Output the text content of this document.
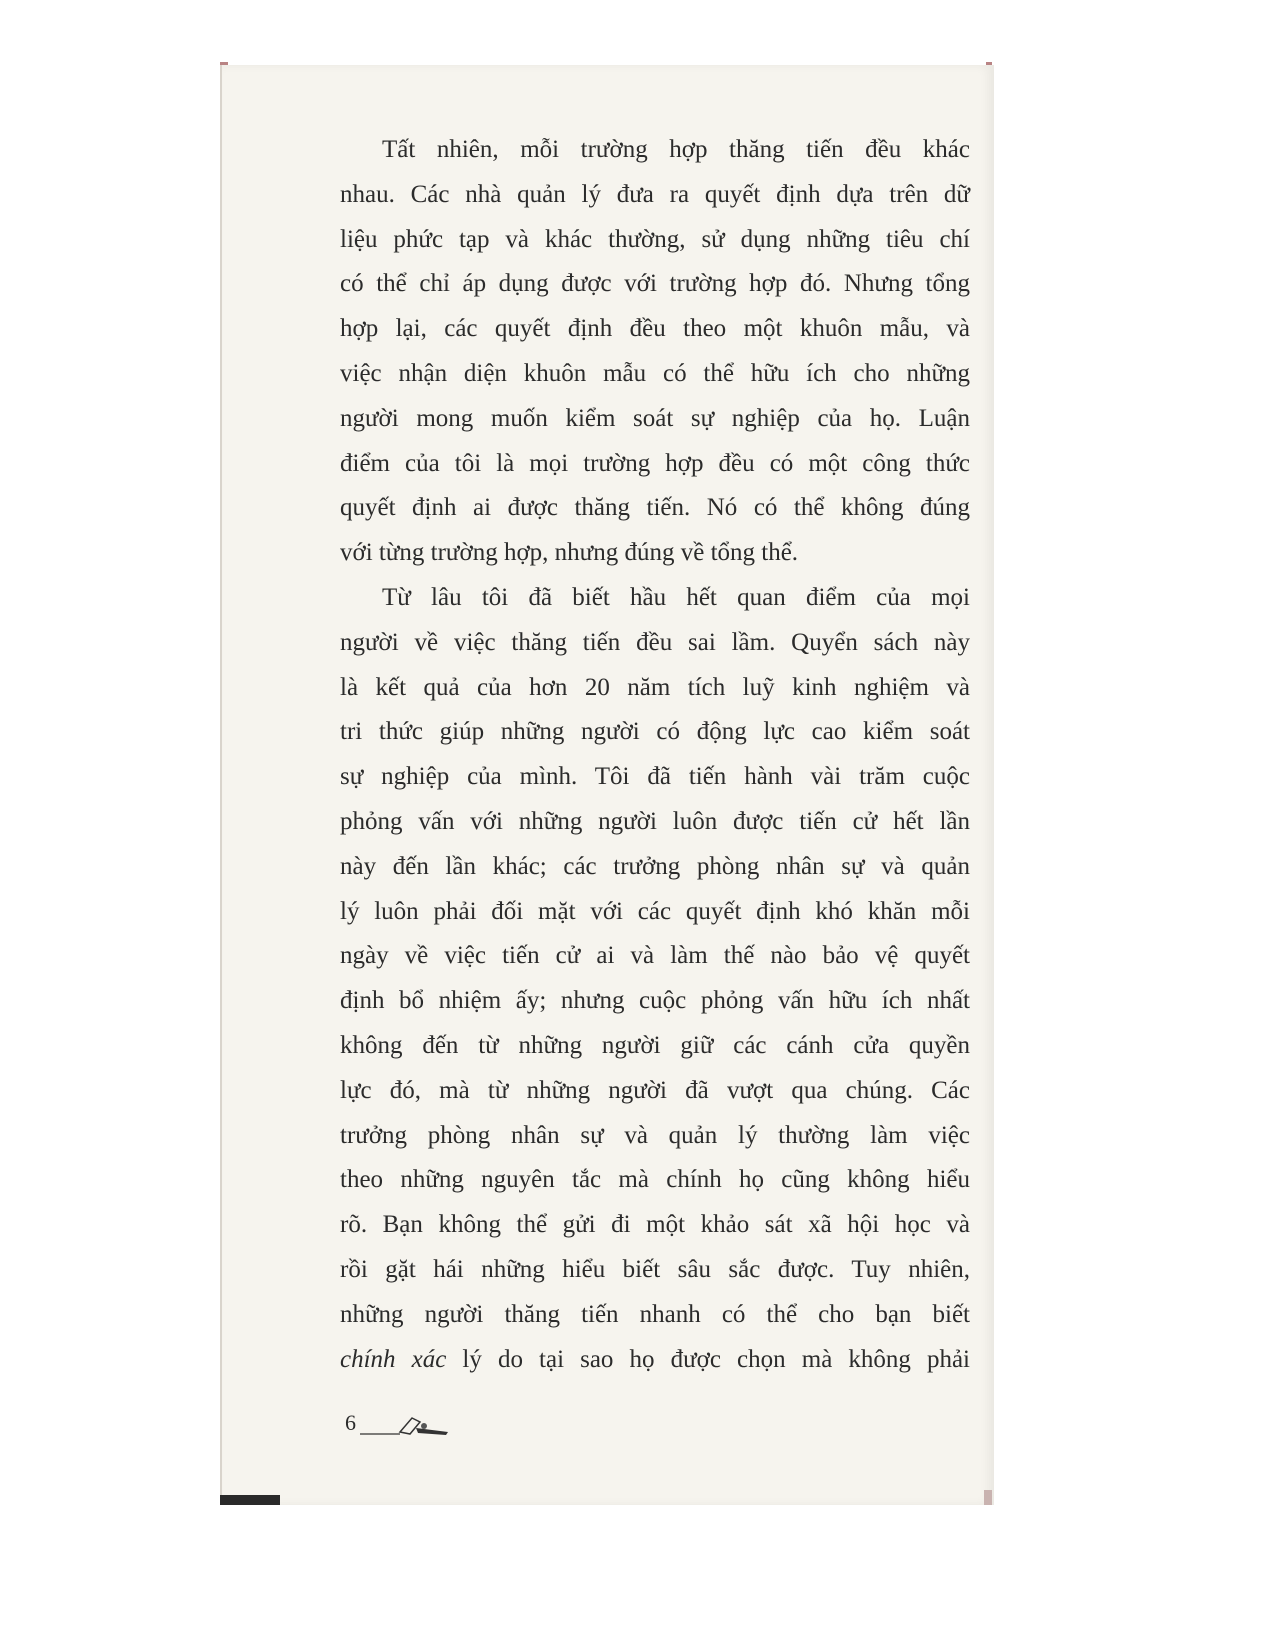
Tất nhiên, mỗi trường hợp thăng tiến đều khác
nhau. Các nhà quản lý đưa ra quyết định dựa trên dữ
liệu phức tạp và khác thường, sử dụng những tiêu chí
có thể chỉ áp dụng được với trường hợp đó. Nhưng tổng
hợp lại, các quyết định đều theo một khuôn mẫu, và
việc nhận diện khuôn mẫu có thể hữu ích cho những
người mong muốn kiểm soát sự nghiệp của họ. Luận
điểm của tôi là mọi trường hợp đều có một công thức
quyết định ai được thăng tiến. Nó có thể không đúng
với từng trường hợp, nhưng đúng về tổng thể.
Từ lâu tôi đã biết hầu hết quan điểm của mọi
người về việc thăng tiến đều sai lầm. Quyển sách này
là kết quả của hơn 20 năm tích luỹ kinh nghiệm và
tri thức giúp những người có động lực cao kiểm soát
sự nghiệp của mình. Tôi đã tiến hành vài trăm cuộc
phỏng vấn với những người luôn được tiến cử hết lần
này đến lần khác; các trưởng phòng nhân sự và quản
lý luôn phải đối mặt với các quyết định khó khăn mỗi
ngày về việc tiến cử ai và làm thế nào bảo vệ quyết
định bổ nhiệm ấy; nhưng cuộc phỏng vấn hữu ích nhất
không đến từ những người giữ các cánh cửa quyền
lực đó, mà từ những người đã vượt qua chúng. Các
trưởng phòng nhân sự và quản lý thường làm việc
theo những nguyên tắc mà chính họ cũng không hiểu
rõ. Bạn không thể gửi đi một khảo sát xã hội học và
rồi gặt hái những hiểu biết sâu sắc được. Tuy nhiên,
những người thăng tiến nhanh có thể cho bạn biết
chính xác lý do tại sao họ được chọn mà không phải
6
